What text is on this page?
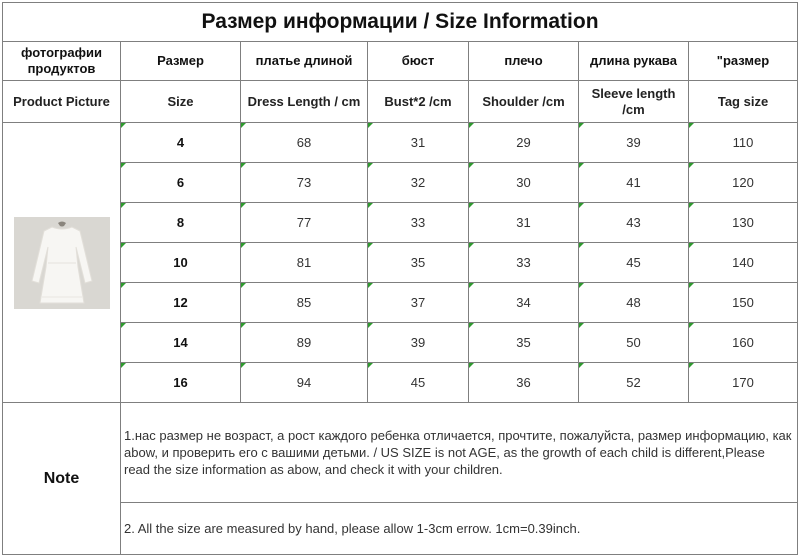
Размер информации / Size Information						
фотографии продуктов	Размер	платье длиной	бюст	плечо	длина рукава	"размер
Product Picture	Size	Dress Length / cm	Bust*2 /cm	Shoulder /cm	Sleeve length /cm	Tag size

	4	68	31	29	39	110
	6	73	32	30	41	120
	8	77	33	31	43	130
	10	81	35	33	45	140
	12	85	37	34	48	150
	14	89	39	35	50	160
	16	94	45	36	52	170
Note	1.нас размер не возраст, а рост каждого ребенка отличается, прочтите, пожалуйста, размер информацию, как abow, и проверить его с вашими детьми. / US SIZE is not AGE, as the growth of each child is different,Please read the size information as abow, and check it with your children.					
	2. All the size are measured by hand, please allow 1-3cm errow. 1cm=0.39inch.					
